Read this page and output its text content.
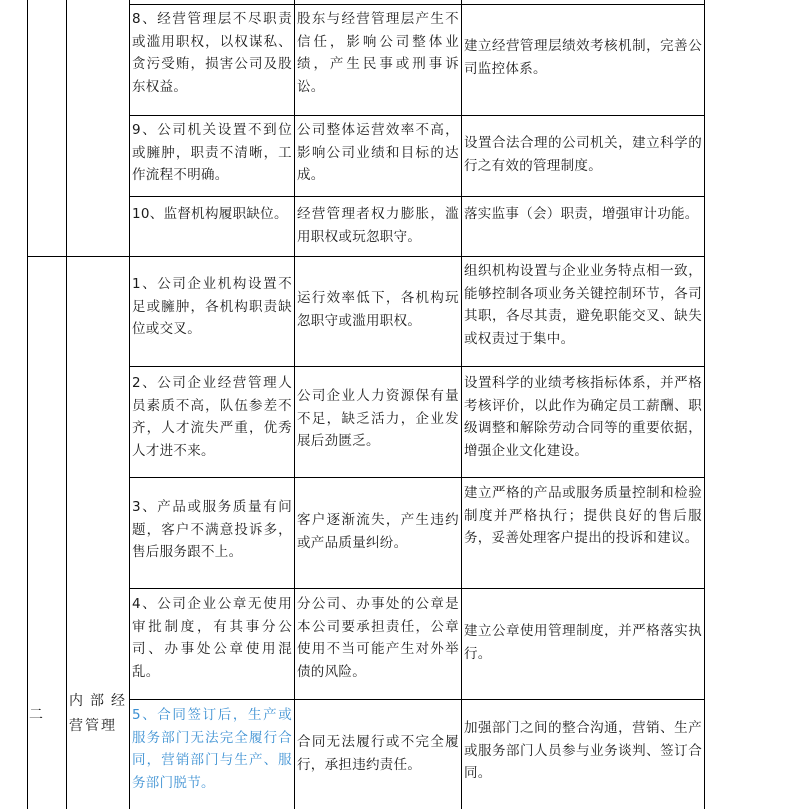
二
内部经营管理
8、经营管理层不尽职责或滥用职权，以权谋私、贪污受贿，损害公司及股东权益。
股东与经营管理层产生不信任，影响公司整体业绩，产生民事或刑事诉讼。
建立经营管理层绩效考核机制，完善公司监控体系。
9、公司机关设置不到位或臃肿，职责不清晰，工作流程不明确。
公司整体运营效率不高，影响公司业绩和目标的达成。
设置合法合理的公司机关，建立科学的行之有效的管理制度。
10、监督机构履职缺位。 经营管理者权力膨胀，滥用职权或玩忽职守。
落实监事（会）职责，增强审计功能。
1、公司企业机构设置不足或臃肿，各机构职责缺位或交叉。
运行效率低下，各机构玩忽职守或滥用职权。
组织机构设置与企业业务特点相一致，能够控制各项业务关键控制环节，各司其职，各尽其责，避免职能交叉、缺失或权责过于集中。
2、公司企业经营管理人员素质不高，队伍参差不齐，人才流失严重，优秀人才进不来。
公司企业人力资源保有量不足，缺乏活力，企业发展后劲匮乏。
设置科学的业绩考核指标体系，并严格考核评价，以此作为确定员工薪酬、职级调整和解除劳动合同等的重要依据，增强企业文化建设。
3、产品或服务质量有问题，客户不满意投诉多，售后服务跟不上。
客户逐渐流失，产生违约或产品质量纠纷。
建立严格的产品或服务质量控制和检验制度并严格执行；提供良好的售后服务，妥善处理客户提出的投诉和建议。
4、公司企业公章无使用审批制度，有其事分公司、办事处公章使用混乱。
分公司、办事处的公章是本公司要承担责任，公章使用不当可能产生对外举债的风险。
建立公章使用管理制度，并严格落实执行。
5、合同签订后，生产或服务部门无法完全履行合同，营销部门与生产、服务部门脱节。
合同无法履行或不完全履行，承担违约责任。
加强部门之间的整合沟通，营销、生产或服务部门人员参与业务谈判、签订合同。
